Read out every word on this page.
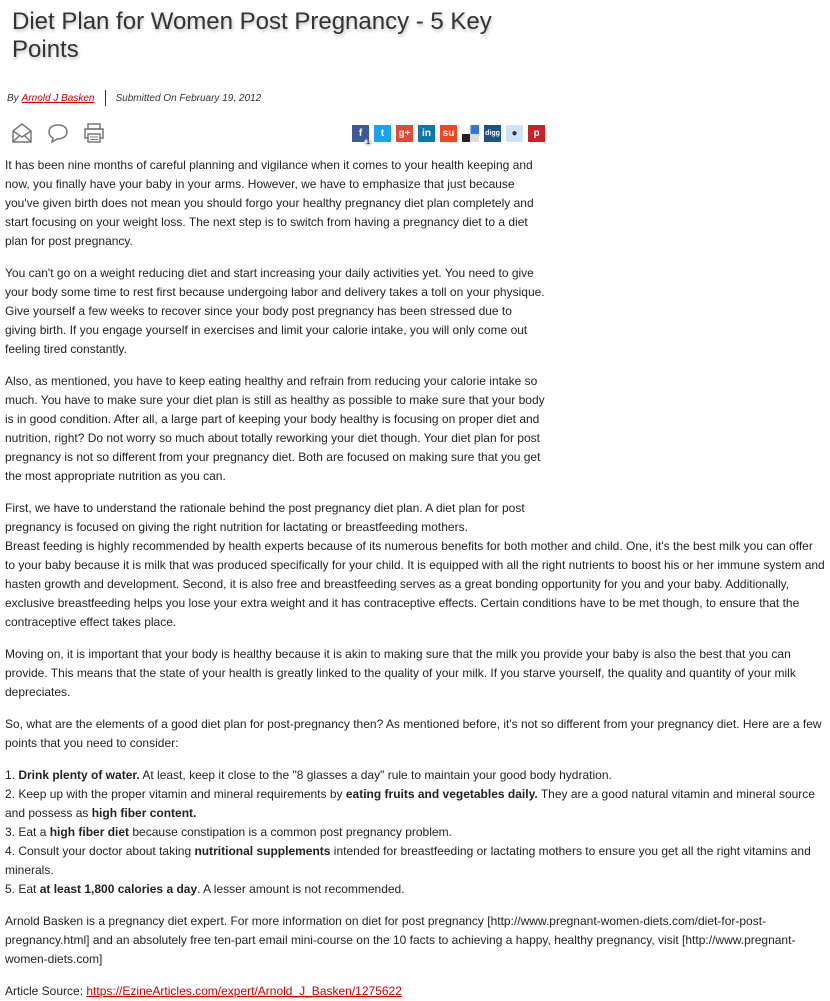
Diet Plan for Women Post Pregnancy - 5 Key Points
By Arnold J Basken Submitted On February 19, 2012
f
1
t	g+	in	su	digg	●	p

It has been nine months of careful planning and vigilance when it comes to your health keeping and now, you finally have your baby in your arms. However, we have to emphasize that just because you've given birth does not mean you should forgo your healthy pregnancy diet plan completely and start focusing on your weight loss. The next step is to switch from having a pregnancy diet to a diet plan for post pregnancy.

You can't go on a weight reducing diet and start increasing your daily activities yet. You need to give your body some time to rest first because undergoing labor and delivery takes a toll on your physique. Give yourself a few weeks to recover since your body post pregnancy has been stressed due to giving birth. If you engage yourself in exercises and limit your calorie intake, you will only come out feeling tired constantly.

Also, as mentioned, you have to keep eating healthy and refrain from reducing your calorie intake so much. You have to make sure your diet plan is still as healthy as possible to make sure that your body is in good condition. After all, a large part of keeping your body healthy is focusing on proper diet and nutrition, right? Do not worry so much about totally reworking your diet though. Your diet plan for post pregnancy is not so different from your pregnancy diet. Both are focused on making sure that you get the most appropriate nutrition as you can.

First, we have to understand the rationale behind the post pregnancy diet plan. A diet plan for post pregnancy is focused on giving the right nutrition for lactating or breastfeeding mothers.

Breast feeding is highly recommended by health experts because of its numerous benefits for both mother and child. One, it's the best milk you can offer to your baby because it is milk that was produced specifically for your child. It is equipped with all the right nutrients to boost his or her immune system and hasten growth and development. Second, it is also free and breastfeeding serves as a great bonding opportunity for you and your baby. Additionally, exclusive breastfeeding helps you lose your extra weight and it has contraceptive effects. Certain conditions have to be met though, to ensure that the contraceptive effect takes place.

Moving on, it is important that your body is healthy because it is akin to making sure that the milk you provide your baby is also the best that you can provide. This means that the state of your health is greatly linked to the quality of your milk. If you starve yourself, the quality and quantity of your milk depreciates.

So, what are the elements of a good diet plan for post-pregnancy then? As mentioned before, it's not so different from your pregnancy diet. Here are a few points that you need to consider:

1. Drink plenty of water. At least, keep it close to the "8 glasses a day" rule to maintain your good body hydration.
2. Keep up with the proper vitamin and mineral requirements by eating fruits and vegetables daily. They are a good natural vitamin and mineral source and possess as high fiber content.
3. Eat a high fiber diet because constipation is a common post pregnancy problem.
4. Consult your doctor about taking nutritional supplements intended for breastfeeding or lactating mothers to ensure you get all the right vitamins and minerals.
5. Eat at least 1,800 calories a day. A lesser amount is not recommended.

Arnold Basken is a pregnancy diet expert. For more information on diet for post pregnancy [http://www.pregnant-women-diets.com/diet-for-post-pregnancy.html] and an absolutely free ten-part email mini-course on the 10 facts to achieving a happy, healthy pregnancy, visit [http://www.pregnant-women-diets.com]

Article Source: https://EzineArticles.com/expert/Arnold_J_Basken/1275622
